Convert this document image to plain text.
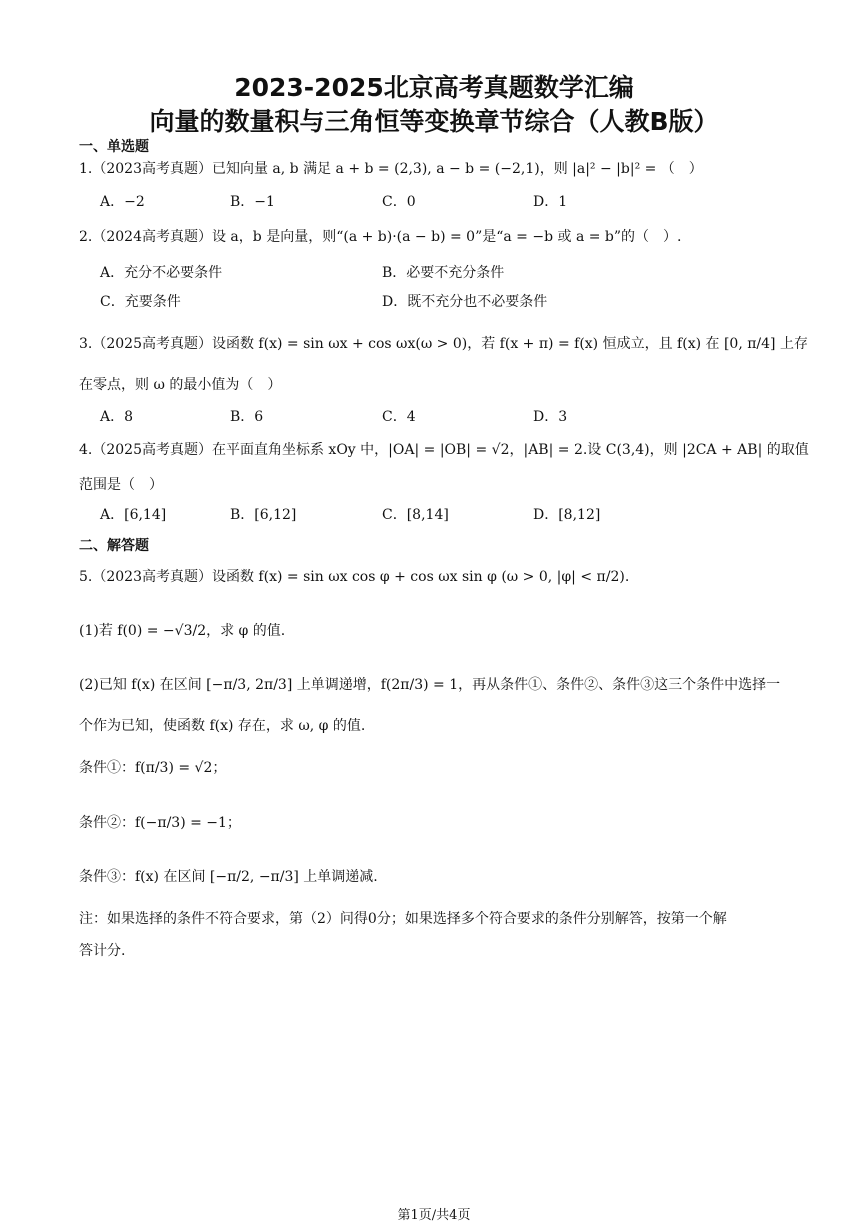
2023-2025北京高考真题数学汇编
向量的数量积与三角恒等变换章节综合（人教B版）
一、单选题
1.（2023高考真题）已知向量 a, b 满足 a + b = (2,3), a − b = (−2,1)，则 |a|² − |b|² = （　）
A．−2	B．−1	C．0	D．1
2.（2024高考真题）设 a，b 是向量，则“(a + b)·(a − b) = 0”是“a = −b 或 a = b”的（　）.
A．充分不必要条件	B．必要不充分条件
C．充要条件	D．既不充分也不必要条件
3.（2025高考真题）设函数 f(x) = sin ωx + cos ωx(ω > 0)，若 f(x + π) = f(x) 恒成立，且 f(x) 在 [0, π/4] 上存
在零点，则 ω 的最小值为（　）
A．8	B．6	C．4	D．3
4.（2025高考真题）在平面直角坐标系 xOy 中，|OA| = |OB| = √2，|AB| = 2.设 C(3,4)，则 |2CA + AB| 的取值
范围是（　）
A．[6,14]	B．[6,12]	C．[8,14]	D．[8,12]
二、解答题
5.（2023高考真题）设函数 f(x) = sin ωx cos φ + cos ωx sin φ (ω > 0, |φ| < π/2).
(1)若 f(0) = −√3/2，求 φ 的值.
(2)已知 f(x) 在区间 [−π/3, 2π/3] 上单调递增，f(2π/3) = 1，再从条件①、条件②、条件③这三个条件中选择一
个作为已知，使函数 f(x) 存在，求 ω, φ 的值.
条件①：f(π/3) = √2；
条件②：f(−π/3) = −1；
条件③：f(x) 在区间 [−π/2, −π/3] 上单调递减.
注：如果选择的条件不符合要求，第（2）问得0分；如果选择多个符合要求的条件分别解答，按第一个解
答计分.
第1页/共4页
